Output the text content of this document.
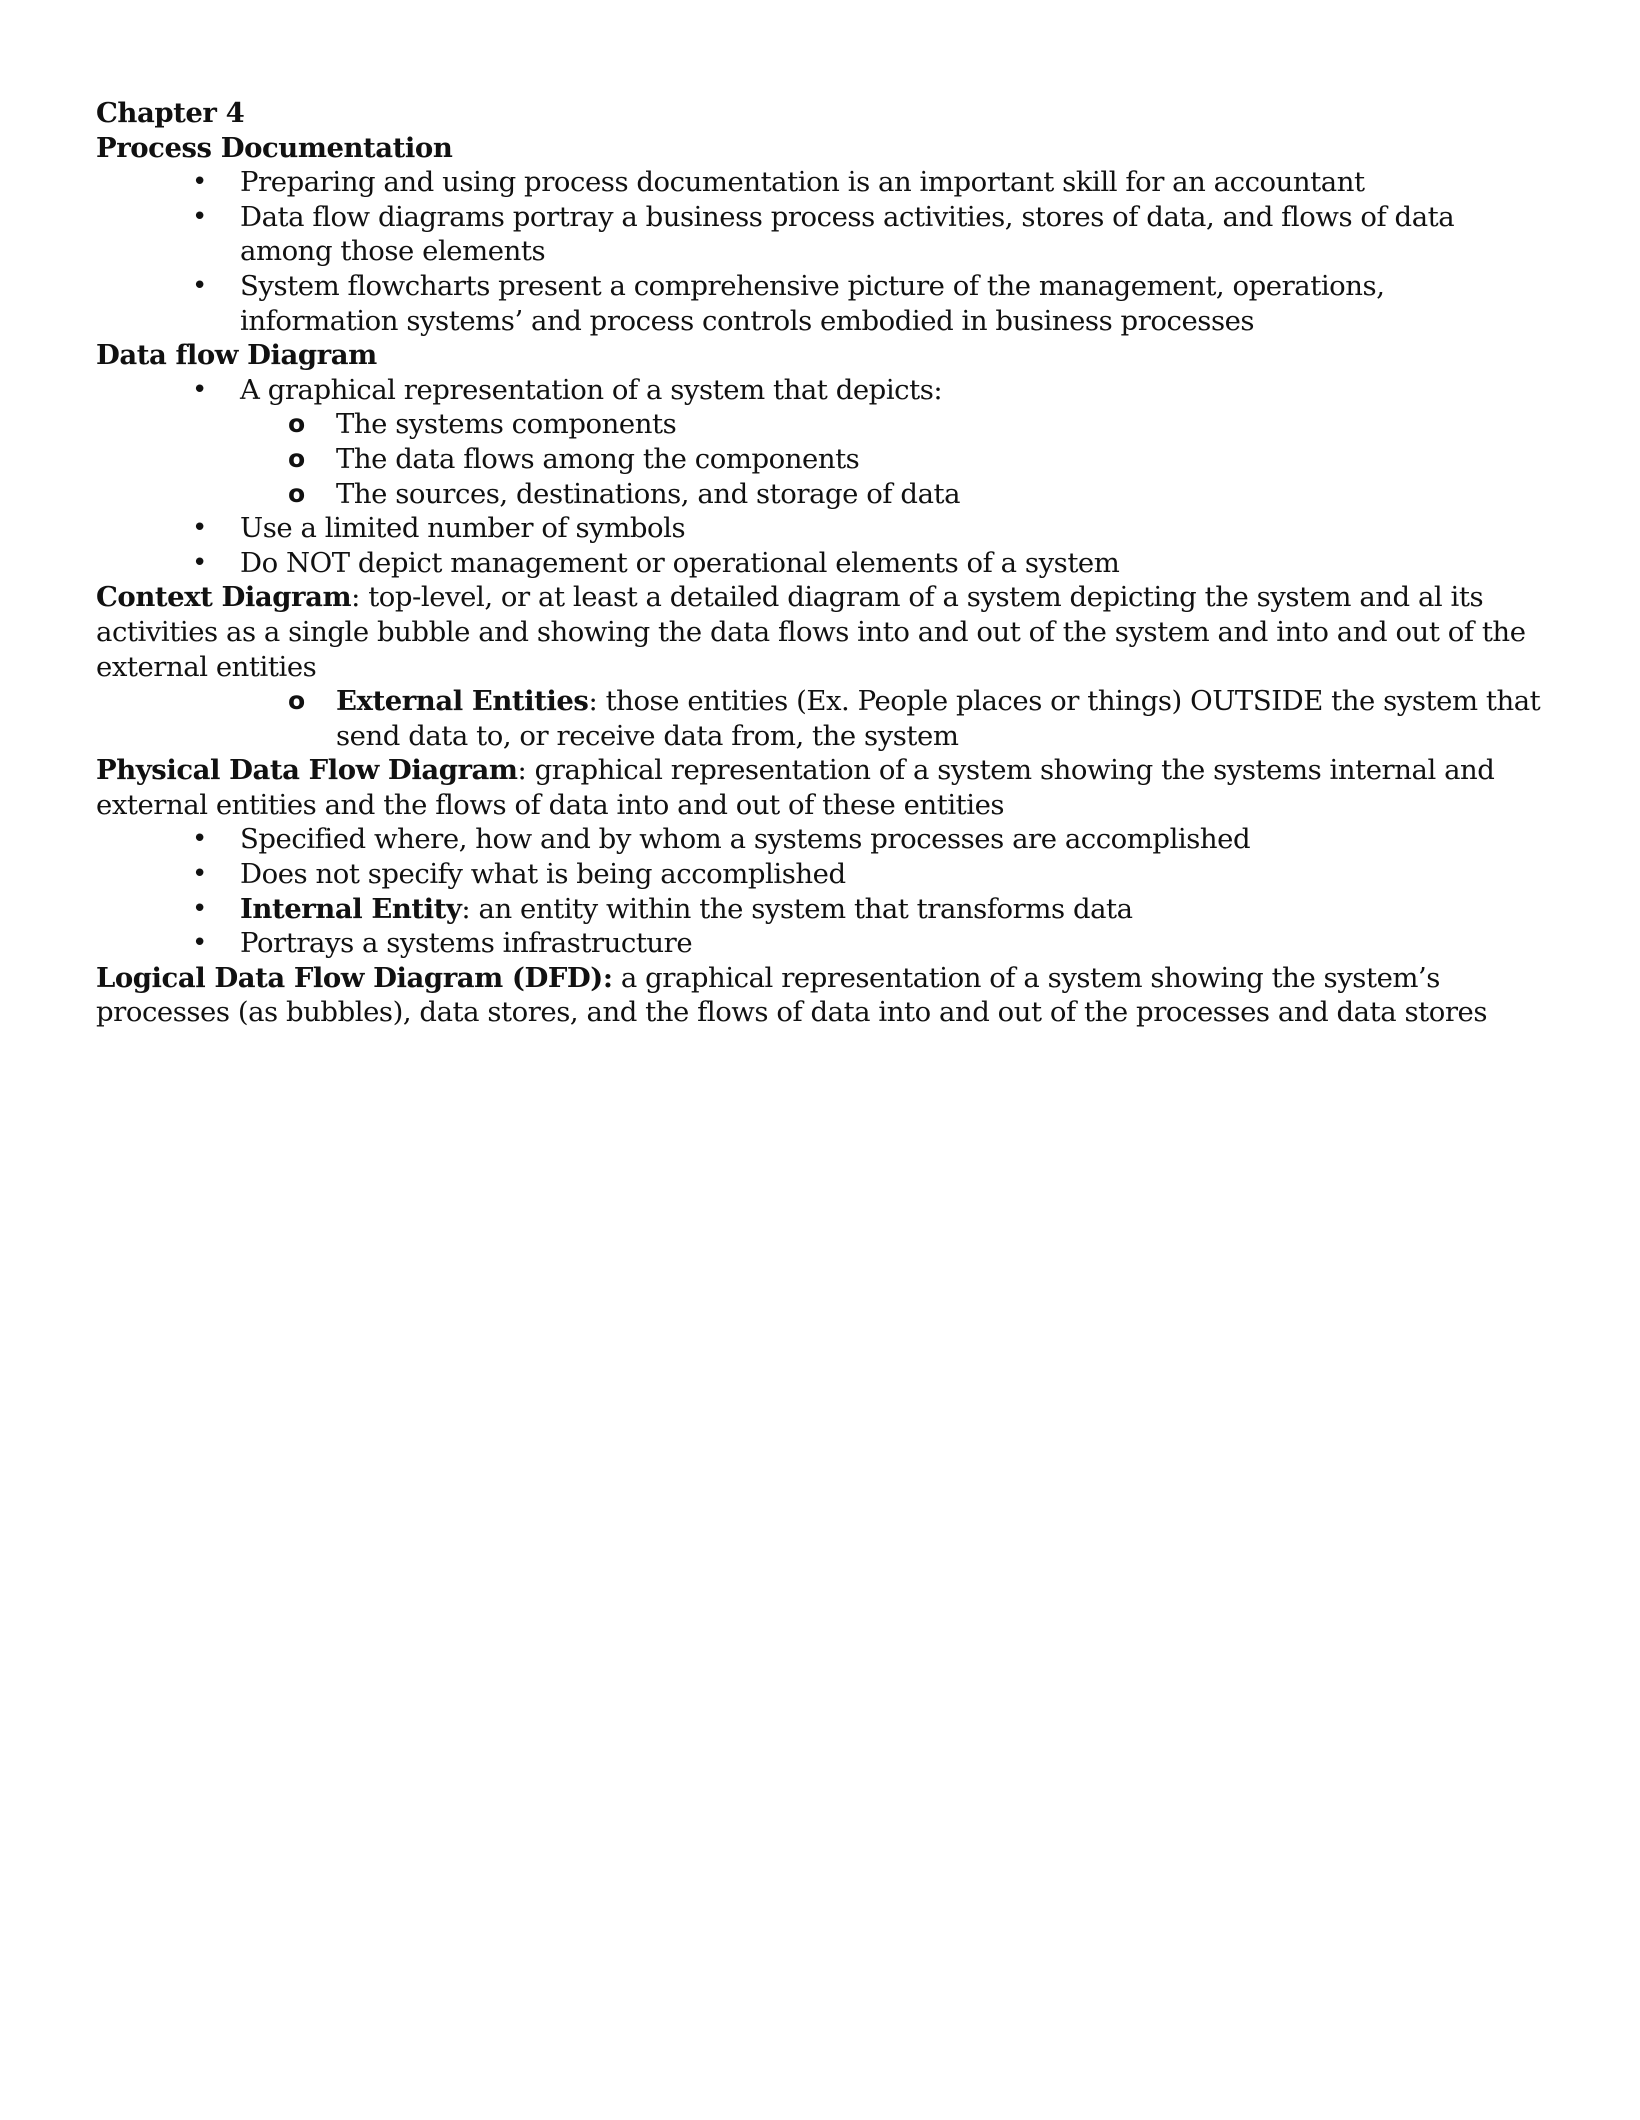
Chapter 4
Process Documentation
• Preparing and using process documentation is an important skill for an accountant
• Data flow diagrams portray a business process activities, stores of data, and flows of data among those elements
• System flowcharts present a comprehensive picture of the management, operations, information systems’ and process controls embodied in business processes
Data flow Diagram
• A graphical representation of a system that depicts:
o The systems components
o The data flows among the components
o The sources, destinations, and storage of data
• Use a limited number of symbols
• Do NOT depict management or operational elements of a system

Context Diagram: top-level, or at least a detailed diagram of a system depicting the system and al its activities as a single bubble and showing the data flows into and out of the system and into and out of the external entities

o External Entities: those entities (Ex. People places or things) OUTSIDE the system that send data to, or receive data from, the system

Physical Data Flow Diagram: graphical representation of a system showing the systems internal and external entities and the flows of data into and out of these entities

• Specified where, how and by whom a systems processes are accomplished
• Does not specify what is being accomplished
• Internal Entity: an entity within the system that transforms data
• Portrays a systems infrastructure

Logical Data Flow Diagram (DFD): a graphical representation of a system showing the system’s processes (as bubbles), data stores, and the flows of data into and out of the processes and data stores
